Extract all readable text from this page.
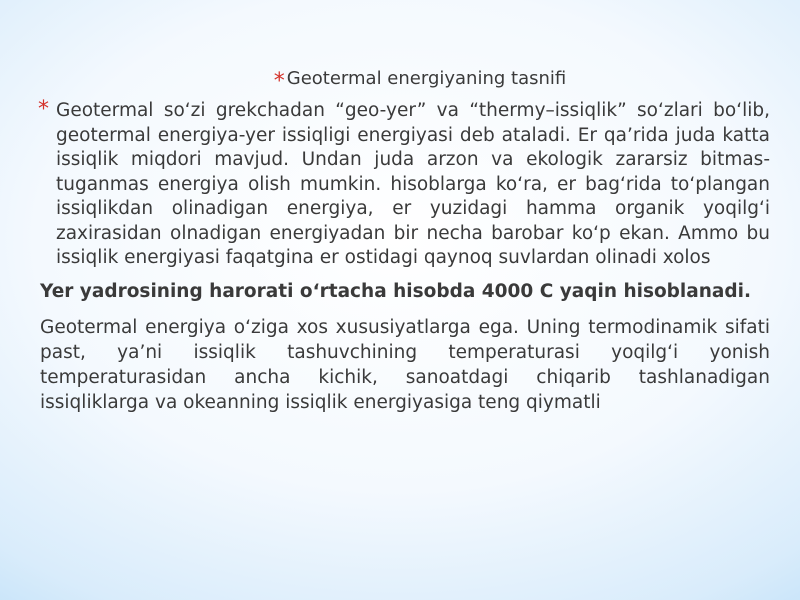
* Geotermal energiyaning tasnifi
* Geotermal so‘zi grekchadan “geo-yer” va “thermy–issiqlik” so‘zlari bo‘lib, geotermal energiya-yer issiqligi energiyasi deb ataladi. Er qa’rida juda katta issiqlik miqdori mavjud. Undan juda arzon va ekologik zararsiz bitmas-tuganmas energiya olish mumkin. hisoblarga ko‘ra, er bag‘rida to‘plangan issiqlikdan olinadigan energiya, er yuzidagi hamma organik yoqilg‘i zaxirasidan olnadigan energiyadan bir necha barobar ko‘p ekan. Ammo bu issiqlik energiyasi faqatgina er ostidagi qaynoq suvlardan olinadi xolos
Yer yadrosining harorati o‘rtacha hisobda 4000 C yaqin hisoblanadi.
Geotermal energiya o‘ziga xos xususiyatlarga ega. Uning termodinamik sifati past, ya’ni issiqlik tashuvchining temperaturasi yoqilg‘i yonish temperaturasidan ancha kichik, sanoatdagi chiqarib tashlanadigan issiqliklarga va okeanning issiqlik energiyasiga teng qiymatli
